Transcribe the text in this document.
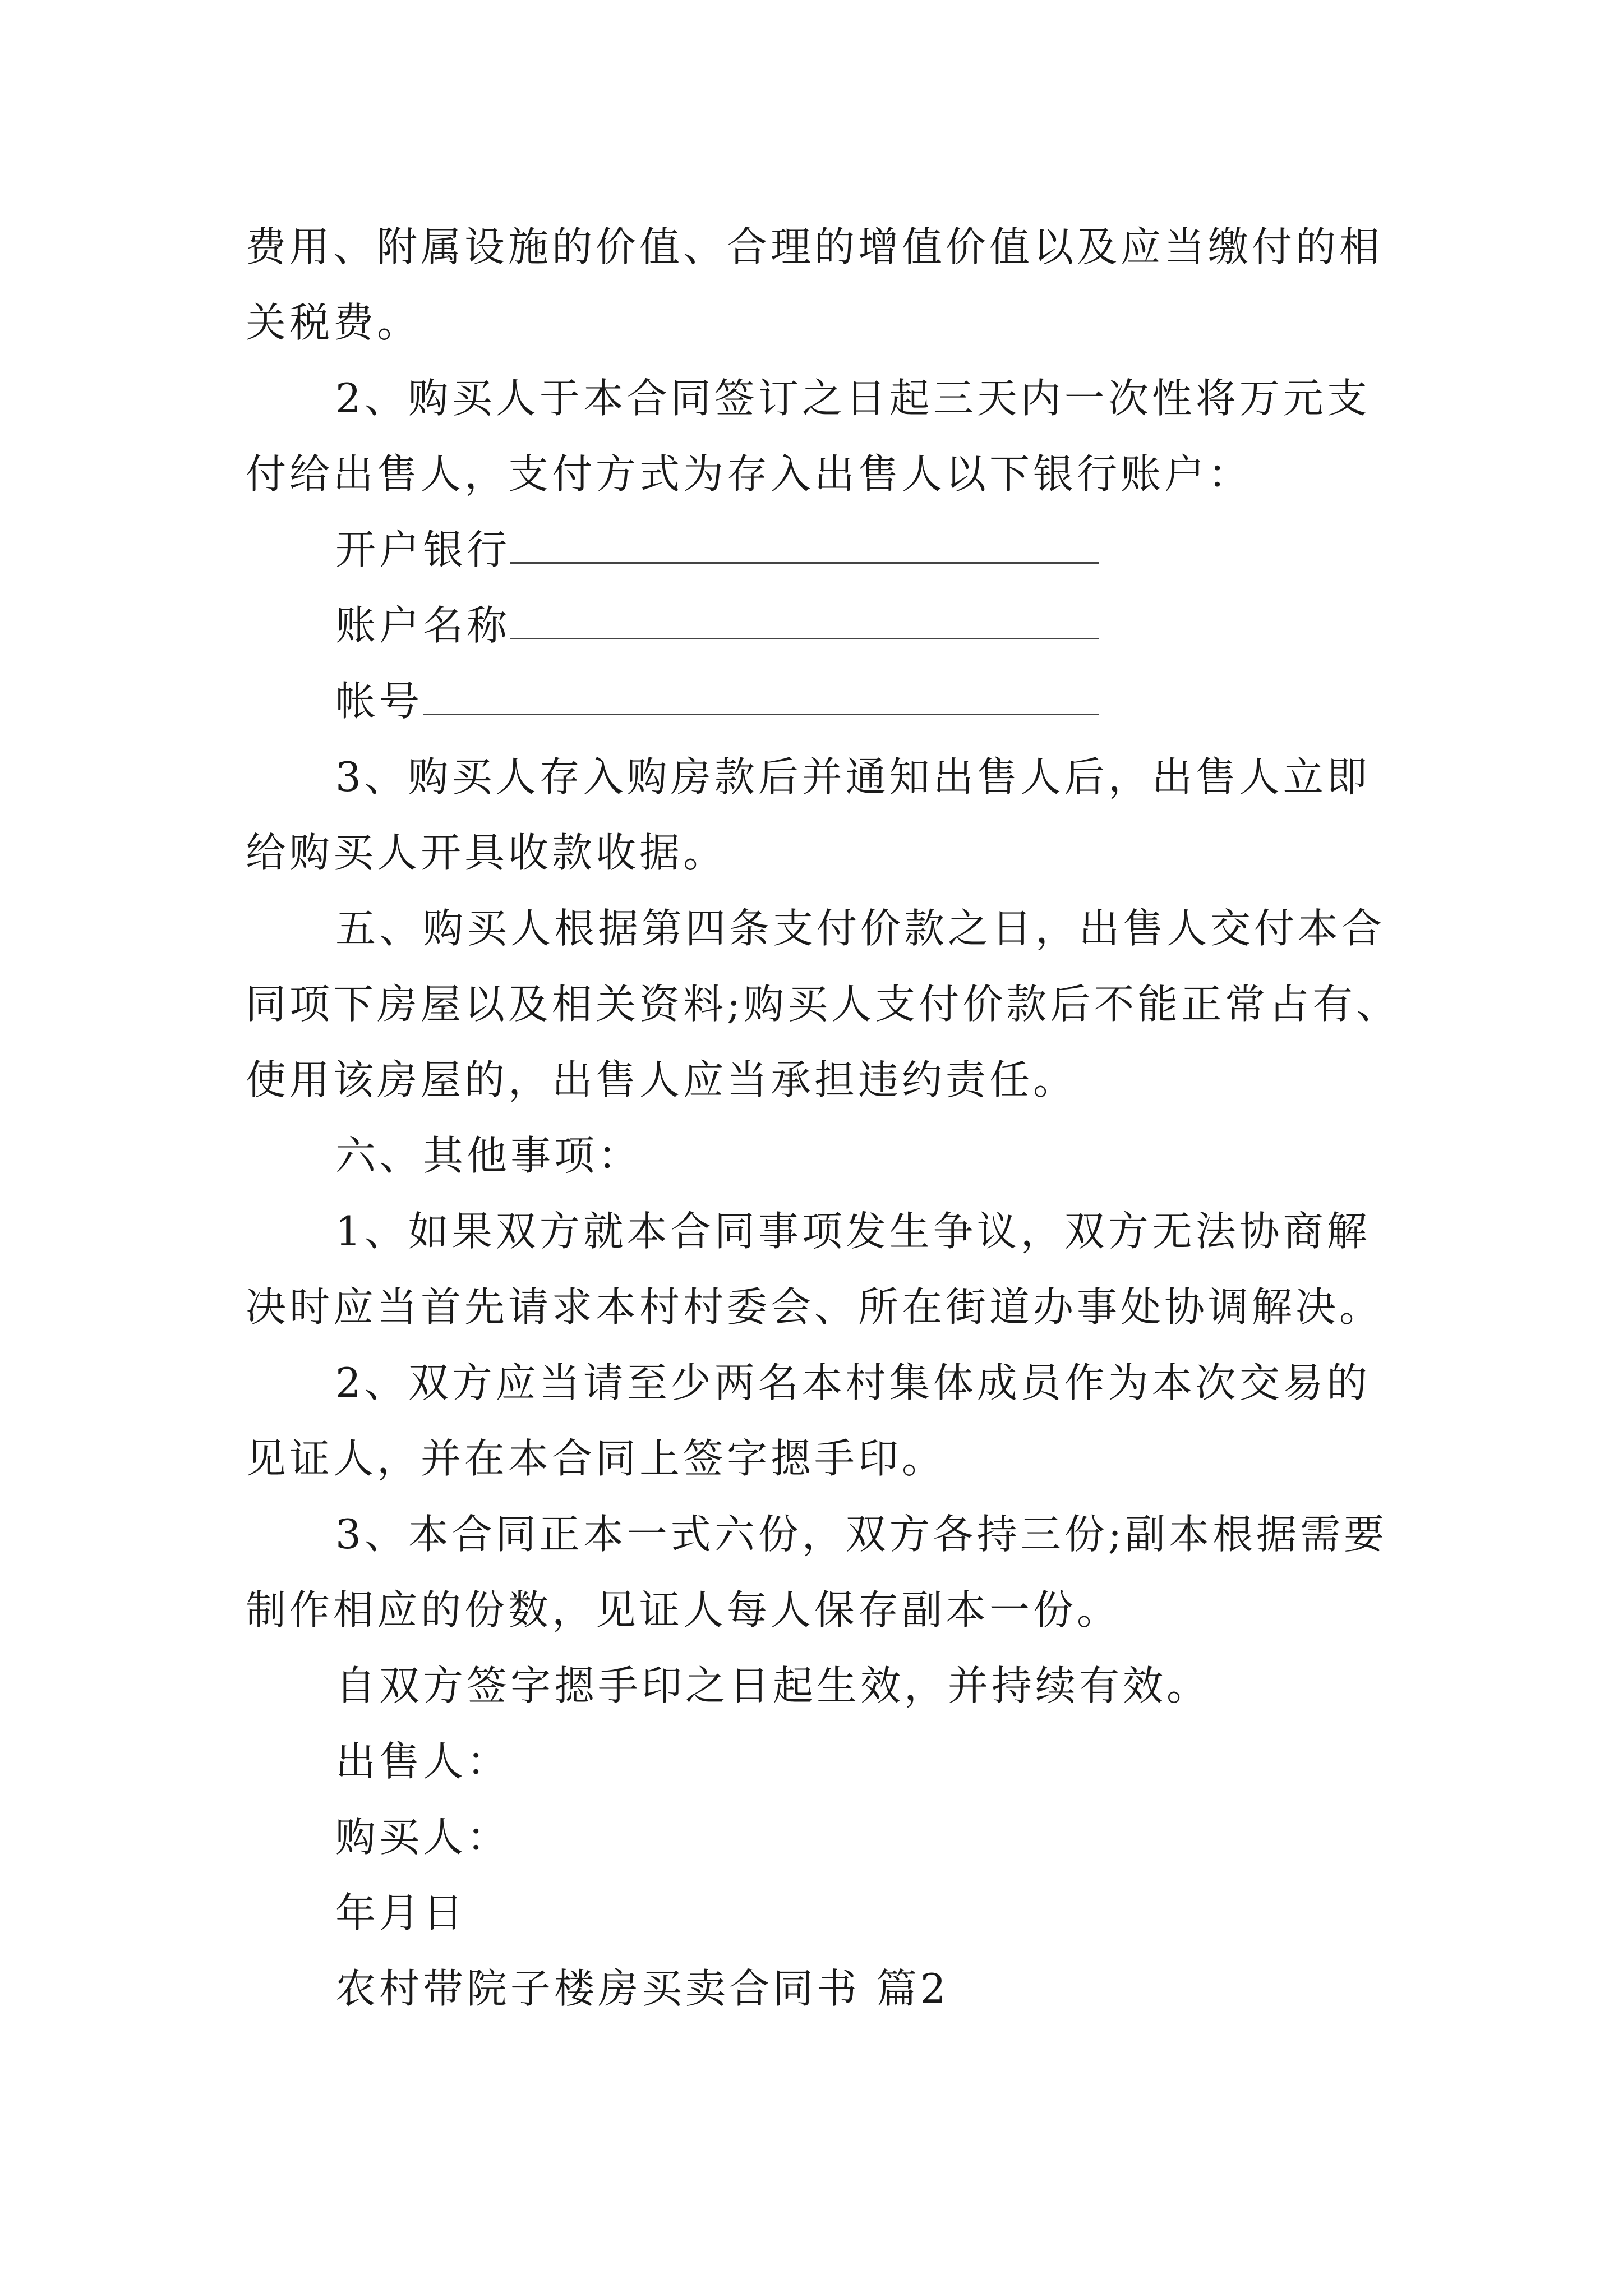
费用、附属设施的价值、合理的增值价值以及应当缴付的相
关税费。
2、购买人于本合同签订之日起三天内一次性将万元支
付给出售人，支付方式为存入出售人以下银行账户：
开户银行
账户名称
帐号
3、购买人存入购房款后并通知出售人后，出售人立即
给购买人开具收款收据。
五、购买人根据第四条支付价款之日，出售人交付本合
同项下房屋以及相关资料;购买人支付价款后不能正常占有、
使用该房屋的，出售人应当承担违约责任。
六、其他事项：
1、如果双方就本合同事项发生争议，双方无法协商解
决时应当首先请求本村村委会、所在街道办事处协调解决。
2、双方应当请至少两名本村集体成员作为本次交易的
见证人，并在本合同上签字摁手印。
3、本合同正本一式六份，双方各持三份;副本根据需要
制作相应的份数，见证人每人保存副本一份。
自双方签字摁手印之日起生效，并持续有效。
出售人：
购买人：
年月日
农村带院子楼房买卖合同书 篇2
